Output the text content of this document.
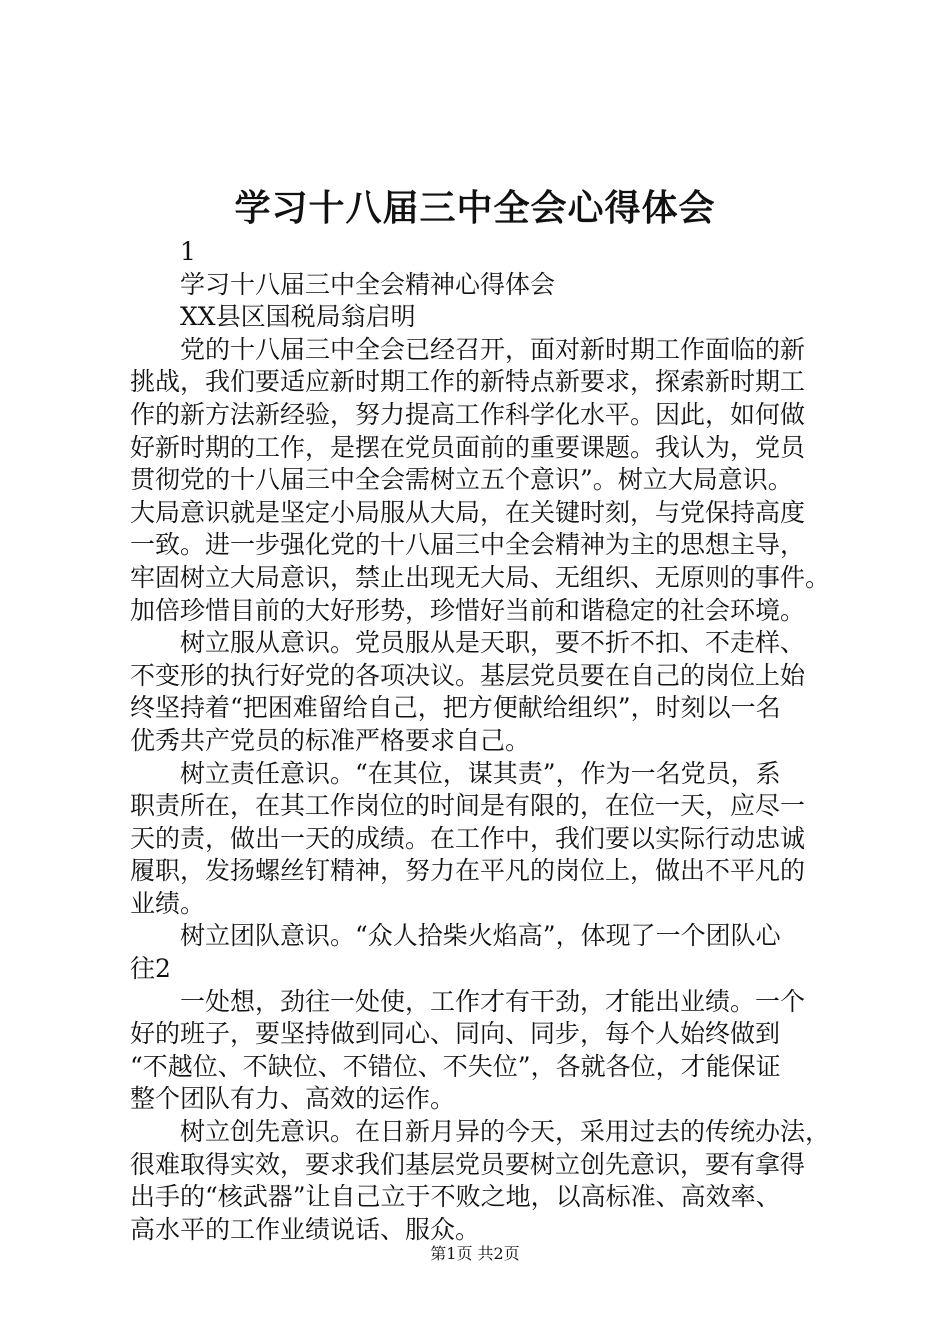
学习十八届三中全会心得体会
1
学习十八届三中全会精神心得体会
XX县区国税局翁启明
党的十八届三中全会已经召开，面对新时期工作面临的新
挑战，我们要适应新时期工作的新特点新要求，探索新时期工
作的新方法新经验，努力提高工作科学化水平。因此，如何做
好新时期的工作，是摆在党员面前的重要课题。我认为，党员
贯彻党的十八届三中全会需树立五个意识”。树立大局意识。
大局意识就是坚定小局服从大局，在关键时刻，与党保持高度
一致。进一步强化党的十八届三中全会精神为主的思想主导，
牢固树立大局意识，禁止出现无大局、无组织、无原则的事件。
加倍珍惜目前的大好形势，珍惜好当前和谐稳定的社会环境。
树立服从意识。党员服从是天职，要不折不扣、不走样、
不变形的执行好党的各项决议。基层党员要在自己的岗位上始
终坚持着“把困难留给自己，把方便献给组织”，时刻以一名
优秀共产党员的标准严格要求自己。
树立责任意识。“在其位，谋其责”，作为一名党员，系
职责所在，在其工作岗位的时间是有限的，在位一天，应尽一
天的责，做出一天的成绩。在工作中，我们要以实际行动忠诚
履职，发扬螺丝钉精神，努力在平凡的岗位上，做出不平凡的
业绩。
树立团队意识。“众人拾柴火焰高”，体现了一个团队心
往2
一处想，劲往一处使，工作才有干劲，才能出业绩。一个
好的班子，要坚持做到同心、同向、同步，每个人始终做到
“不越位、不缺位、不错位、不失位”，各就各位，才能保证
整个团队有力、高效的运作。
树立创先意识。在日新月异的今天，采用过去的传统办法，
很难取得实效，要求我们基层党员要树立创先意识，要有拿得
出手的“核武器”让自己立于不败之地，以高标准、高效率、
高水平的工作业绩说话、服众。
第1页 共2页
